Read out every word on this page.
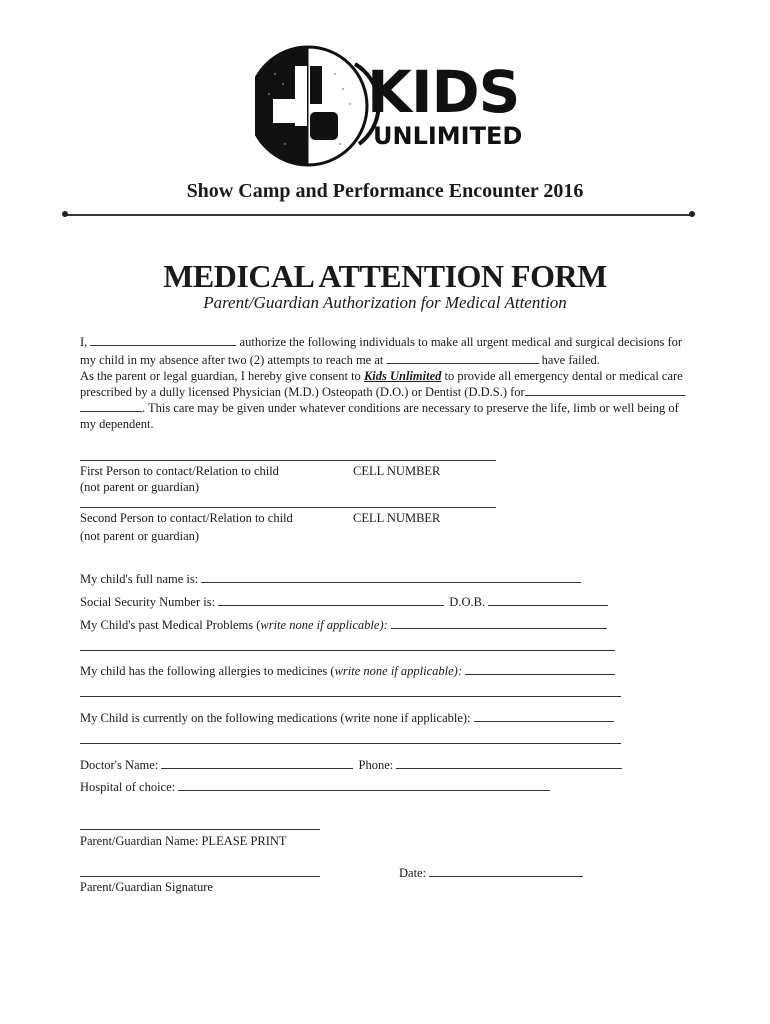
KIDS
UNLIMITED
Show Camp and Performance Encounter 2016
MEDICAL ATTENTION FORM
Parent/Guardian Authorization for Medical Attention
I,	authorize the following individuals to make all urgent medical and surgical decisions for
my child in my absence after two (2) attempts to reach me at	have failed.
As the parent or legal guardian, I hereby give consent to Kids Unlimited to provide all emergency dental or medical care
prescribed by a dully licensed Physician (M.D.) Osteopath (D.O.) or Dentist (D.D.S.) for
. This care may be given under whatever conditions are necessary to preserve the life, limb or well being of
my dependent.
First Person to contact/Relation to child	CELL NUMBER
(not parent or guardian)
Second Person to contact/Relation to child	CELL NUMBER
(not parent or guardian)
My child's full name is:
Social Security Number is:	D.O.B.
My Child's past Medical Problems (write none if applicable):
My child has the following allergies to medicines (write none if applicable):
My Child is currently on the following medications (write none if applicable):
Doctor's Name:	Phone:
Hospital of choice:
Parent/Guardian Name: PLEASE PRINT
Date:
Parent/Guardian Signature
